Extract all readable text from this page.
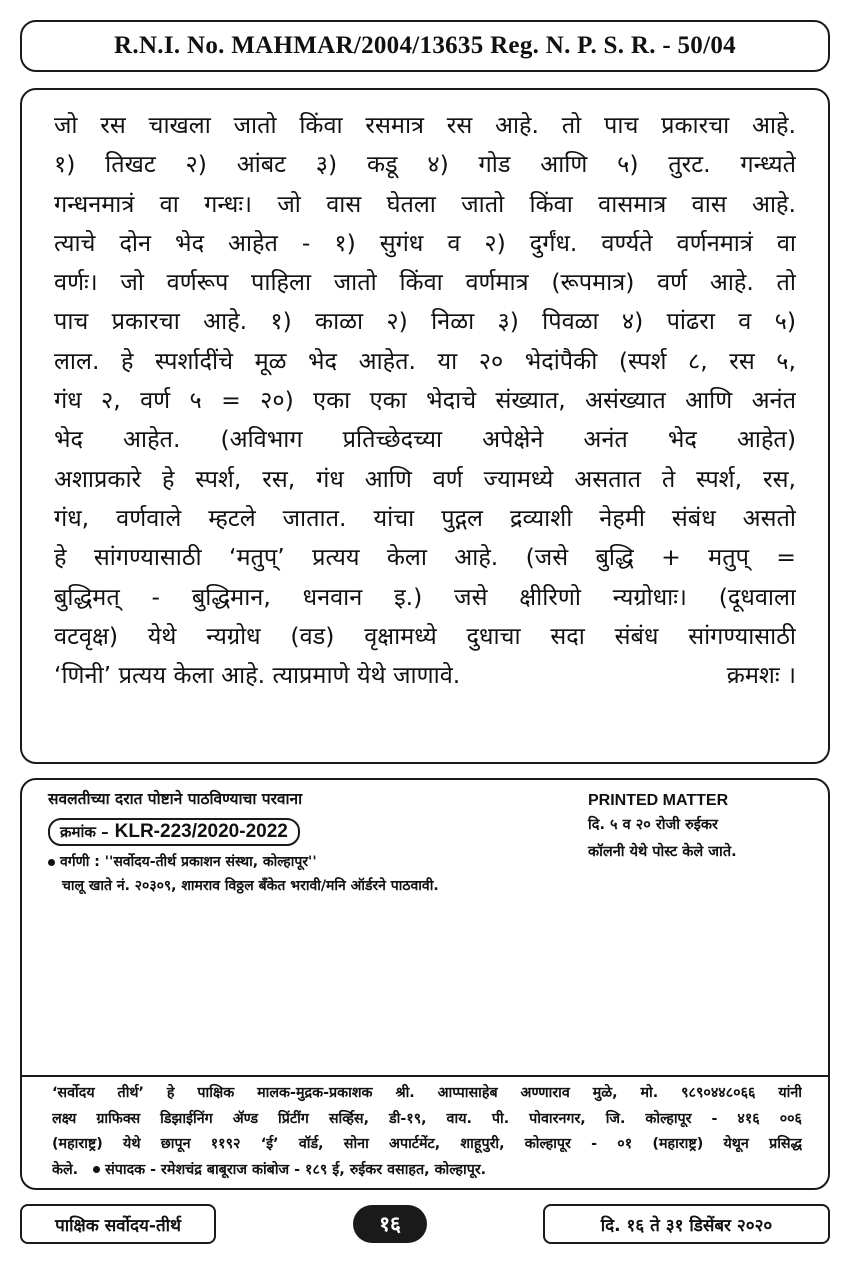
R.N.I. No. MAHMAR/2004/13635 Reg. N. P. S. R. - 50/04
जो रस चाखला जातो किंवा रसमात्र रस आहे. तो पाच प्रकारचा आहे.
१) तिखट २) आंबट ३) कडू ४) गोड आणि ५) तुरट. गन्ध्यते
गन्धनमात्रं वा गन्धः। जो वास घेतला जातो किंवा वासमात्र वास आहे.
त्याचे दोन भेद आहेत - १) सुगंध व २) दुर्गंध. वर्ण्यते वर्णनमात्रं वा
वर्णः। जो वर्णरूप पाहिला जातो किंवा वर्णमात्र (रूपमात्र) वर्ण आहे. तो
पाच प्रकारचा आहे. १) काळा २) निळा ३) पिवळा ४) पांढरा व ५)
लाल. हे स्पर्शादींचे मूळ भेद आहेत. या २० भेदांपैकी (स्पर्श ८, रस ५,
गंध २, वर्ण ५ = २०) एका एका भेदाचे संख्यात, असंख्यात आणि अनंत
भेद आहेत. (अविभाग प्रतिच्छेदच्या अपेक्षेने अनंत भेद आहेत)
अशाप्रकारे हे स्पर्श, रस, गंध आणि वर्ण ज्यामध्ये असतात ते स्पर्श, रस,
गंध, वर्णवाले म्हटले जातात. यांचा पुद्गल द्रव्याशी नेहमी संबंध असतो
हे सांगण्यासाठी ‘मतुप्’ प्रत्यय केला आहे. (जसे बुद्धि + मतुप् =
बुद्धिमत् - बुद्धिमान, धनवान इ.) जसे क्षीरिणो न्यग्रोधाः। (दूधवाला
वटवृक्ष) येथे न्यग्रोध (वड) वृक्षामध्ये दुधाचा सदा संबंध सांगण्यासाठी
‘णिनी’ प्रत्यय केला आहे. त्याप्रमाणे येथे जाणावे.	क्रमशः ।
सवलतीच्या दरात पोष्टाने पाठविण्याचा परवाना
क्रमांक – KLR-223/2020-2022
वर्गणी : ''सर्वोदय-तीर्थ प्रकाशन संस्था, कोल्हापूर''
चालू खाते नं. २०३०९, शामराव विठ्ठल बँकेत भरावी/मनि ऑर्डरने पाठवावी.
PRINTED MATTER
दि. ५ व २० रोजी रुईकर
कॉलनी येथे पोस्ट केले जाते.
‘सर्वोदय तीर्थ’ हे पाक्षिक मालक-मुद्रक-प्रकाशक श्री. आप्पासाहेब अण्णाराव मुळे, मो. ९८९०४४८०६६ यांनी
लक्ष्य ग्राफिक्स डिझाईनिंग ॲण्ड प्रिंटींग सर्व्हिस, डी-१९, वाय. पी. पोवारनगर, जि. कोल्हापूर - ४१६ ००६
(महाराष्ट्र) येथे छापून ११९२ ‘ई’ वॉर्ड, सोना अपार्टमेंट, शाहूपुरी, कोल्हापूर - ०१ (महाराष्ट्र) येथून प्रसिद्ध
केले. संपादक - रमेशचंद्र बाबूराज कांबोज - १८९ ई, रुईकर वसाहत, कोल्हापूर.
पाक्षिक सर्वोदय-तीर्थ	१६	दि. १६ ते ३१ डिसेंबर २०२०
